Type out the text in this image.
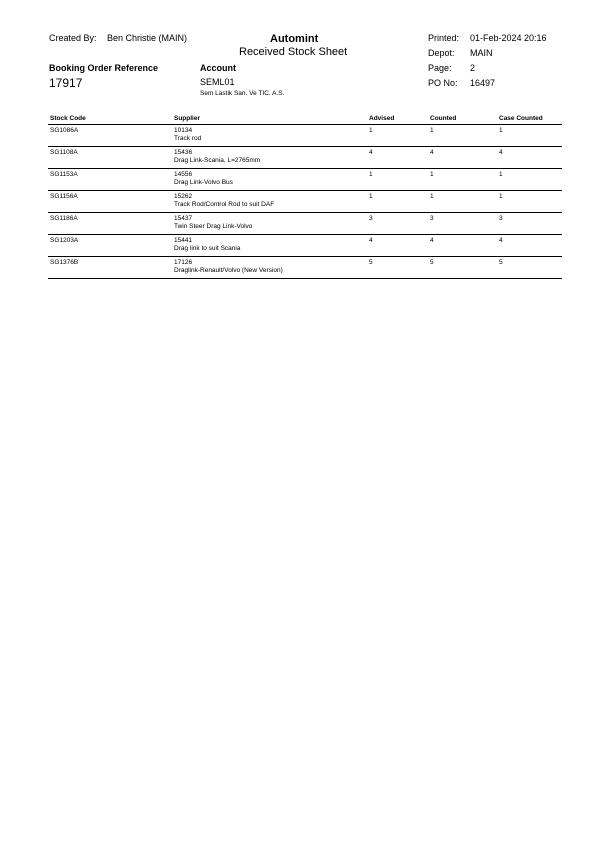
Created By: Ben Christie (MAIN)	Automint
Received Stock Sheet
Printed: 01-Feb-2024 20:16
Depot: MAIN
Page: 2
PO No: 16497
Booking Order Reference
17917
Account
SEML01
Sem Lastik San. Ve TIC. A.S.
Stock Code	Supplier	Advised	Counted	Case Counted
SG1086A	10134
Track rod
1	1	1
SG1108A	15436
Drag Link-Scania, L=2765mm
4	4	4
SG1153A	14556
Drag Link-Volvo Bus
1	1	1
SG1156A	15262
Track Rod/Control Rod to suit DAF
1	1	1
SG1186A	15437
Twin Steer Drag Link-Volvo
3	3	3
SG1203A	15441
Drag link to suit Scania
4	4	4
SG1376B	17126
Draglink-Renault/Volvo (New Version)
5	5	5
